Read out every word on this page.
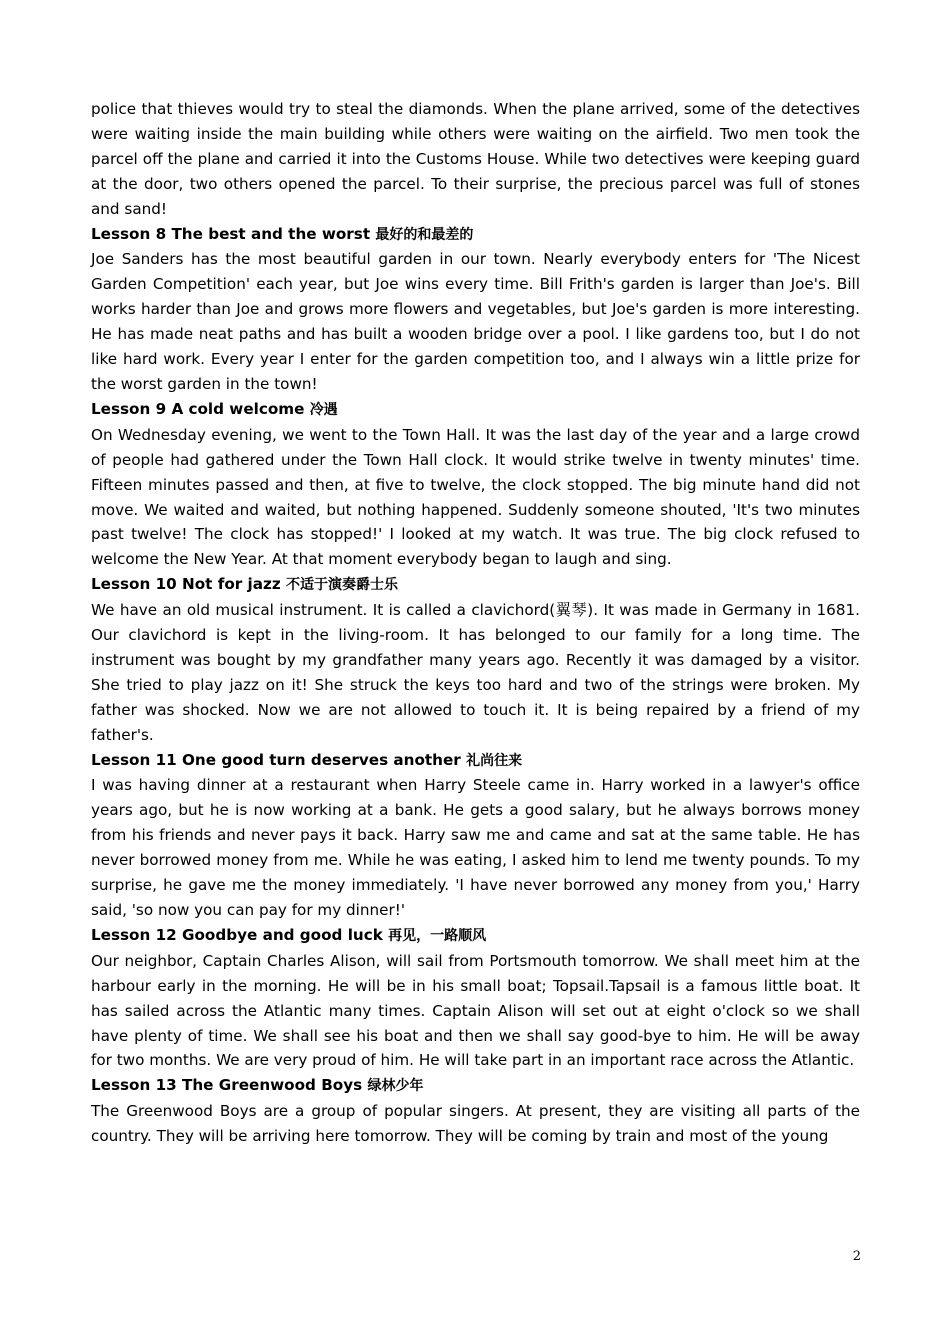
police that thieves would try to steal the diamonds. When the plane arrived, some of the detectives were waiting inside the main building while others were waiting on the airfield. Two men took the parcel off the plane and carried it into the Customs House. While two detectives were keeping guard at the door, two others opened the parcel. To their surprise, the precious parcel was full of stones and sand!

Lesson 8 The best and the worst 最好的和最差的

Joe Sanders has the most beautiful garden in our town. Nearly everybody enters for 'The Nicest Garden Competition' each year, but Joe wins every time. Bill Frith's garden is larger than Joe's. Bill works harder than Joe and grows more flowers and vegetables, but Joe's garden is more interesting. He has made neat paths and has built a wooden bridge over a pool. I like gardens too, but I do not like hard work. Every year I enter for the garden competition too, and I always win a little prize for the worst garden in the town!

Lesson 9 A cold welcome 冷遇

On Wednesday evening, we went to the Town Hall. It was the last day of the year and a large crowd of people had gathered under the Town Hall clock. It would strike twelve in twenty minutes' time. Fifteen minutes passed and then, at five to twelve, the clock stopped. The big minute hand did not move. We waited and waited, but nothing happened. Suddenly someone shouted, 'It's two minutes past twelve! The clock has stopped!' I looked at my watch. It was true. The big clock refused to welcome the New Year. At that moment everybody began to laugh and sing.

Lesson 10 Not for jazz 不适于演奏爵士乐

We have an old musical instrument. It is called a clavichord(翼琴). It was made in Germany in 1681. Our clavichord is kept in the living-room. It has belonged to our family for a long time. The instrument was bought by my grandfather many years ago. Recently it was damaged by a visitor. She tried to play jazz on it! She struck the keys too hard and two of the strings were broken. My father was shocked. Now we are not allowed to touch it. It is being repaired by a friend of my father's.

Lesson 11 One good turn deserves another 礼尚往来

I was having dinner at a restaurant when Harry Steele came in. Harry worked in a lawyer's office years ago, but he is now working at a bank. He gets a good salary, but he always borrows money from his friends and never pays it back. Harry saw me and came and sat at the same table. He has never borrowed money from me. While he was eating, I asked him to lend me twenty pounds. To my surprise, he gave me the money immediately. 'I have never borrowed any money from you,' Harry said, 'so now you can pay for my dinner!'

Lesson 12 Goodbye and good luck 再见，一路顺风

Our neighbor, Captain Charles Alison, will sail from Portsmouth tomorrow. We shall meet him at the harbour early in the morning. He will be in his small boat; Topsail.Tapsail is a famous little boat. It has sailed across the Atlantic many times. Captain Alison will set out at eight o'clock so we shall have plenty of time. We shall see his boat and then we shall say good-bye to him. He will be away for two months. We are very proud of him. He will take part in an important race across the Atlantic.

Lesson 13 The Greenwood Boys 绿林少年

The Greenwood Boys are a group of popular singers. At present, they are visiting all parts of the country. They will be arriving here tomorrow. They will be coming by train and most of the young

2
